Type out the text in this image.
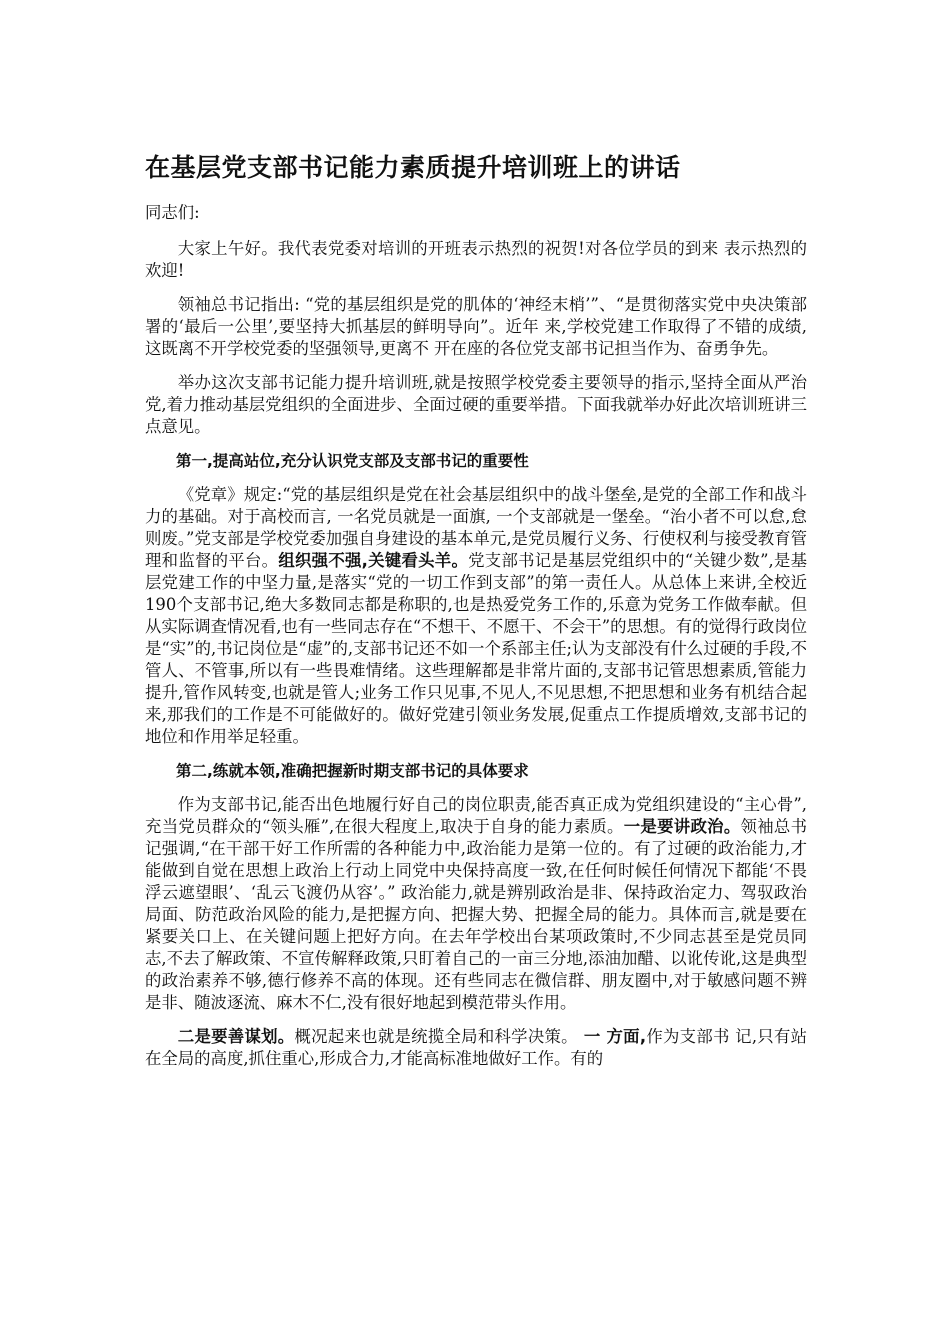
在基层党支部书记能力素质提升培训班上的讲话
同志们:

大家上午好。我代表党委对培训的开班表示热烈的祝贺!对各位学员的到来 表示热烈的欢迎!

领袖总书记指出: “党的基层组织是党的肌体的‘神经末梢’”、“是贯彻落实党中央决策部署的‘最后一公里’,要坚持大抓基层的鲜明导向”。近年 来,学校党建工作取得了不错的成绩,这既离不开学校党委的坚强领导,更离不 开在座的各位党支部书记担当作为、奋勇争先。

举办这次支部书记能力提升培训班,就是按照学校党委主要领导的指示,坚持全面从严治党,着力推动基层党组织的全面进步、全面过硬的重要举措。下面我就举办好此次培训班讲三点意见。

第一,提高站位,充分认识党支部及支部书记的重要性

《党章》规定:“党的基层组织是党在社会基层组织中的战斗堡垒,是党的全部工作和战斗力的基础。对于高校而言, 一名党员就是一面旗, 一个支部就是一堡垒。“治小者不可以怠,怠则废。”党支部是学校党委加强自身建设的基本单元,是党员履行义务、行使权利与接受教育管理和监督的平台。组织强不强,关键看头羊。党支部书记是基层党组织中的“关键少数”,是基层党建工作的中坚力量,是落实“党的一切工作到支部”的第一责任人。从总体上来讲,全校近190个支部书记,绝大多数同志都是称职的,也是热爱党务工作的,乐意为党务工作做奉献。但从实际调查情况看,也有一些同志存在“不想干、不愿干、不会干”的思想。有的觉得行政岗位是“实”的,书记岗位是“虚”的,支部书记还不如一个系部主任;认为支部没有什么过硬的手段,不管人、不管事,所以有一些畏难情绪。这些理解都是非常片面的,支部书记管思想素质,管能力提升,管作风转变,也就是管人;业务工作只见事,不见人,不见思想,不把思想和业务有机结合起来,那我们的工作是不可能做好的。做好党建引领业务发展,促重点工作提质增效,支部书记的地位和作用举足轻重。

第二,练就本领,准确把握新时期支部书记的具体要求

作为支部书记,能否出色地履行好自己的岗位职责,能否真正成为党组织建设的“主心骨”,充当党员群众的“领头雁”,在很大程度上,取决于自身的能力素质。一是要讲政治。领袖总书记强调,“在干部干好工作所需的各种能力中,政治能力是第一位的。有了过硬的政治能力,才能做到自觉在思想上政治上行动上同党中央保持高度一致,在任何时候任何情况下都能‘不畏浮云遮望眼’、‘乱云飞渡仍从容’。” 政治能力,就是辨别政治是非、保持政治定力、驾驭政治局面、防范政治风险的能力,是把握方向、把握大势、把握全局的能力。具体而言,就是要在紧要关口上、在关键问题上把好方向。在去年学校出台某项政策时,不少同志甚至是党员同志,不去了解政策、不宣传解释政策,只盯着自己的一亩三分地,添油加醋、以讹传讹,这是典型的政治素养不够,德行修养不高的体现。还有些同志在微信群、朋友圈中,对于敏感问题不辨是非、随波逐流、麻木不仁,没有很好地起到模范带头作用。

二是要善谋划。概况起来也就是统揽全局和科学决策。 一 方面,作为支部书 记,只有站在全局的高度,抓住重心,形成合力,才能高标准地做好工作。有的
